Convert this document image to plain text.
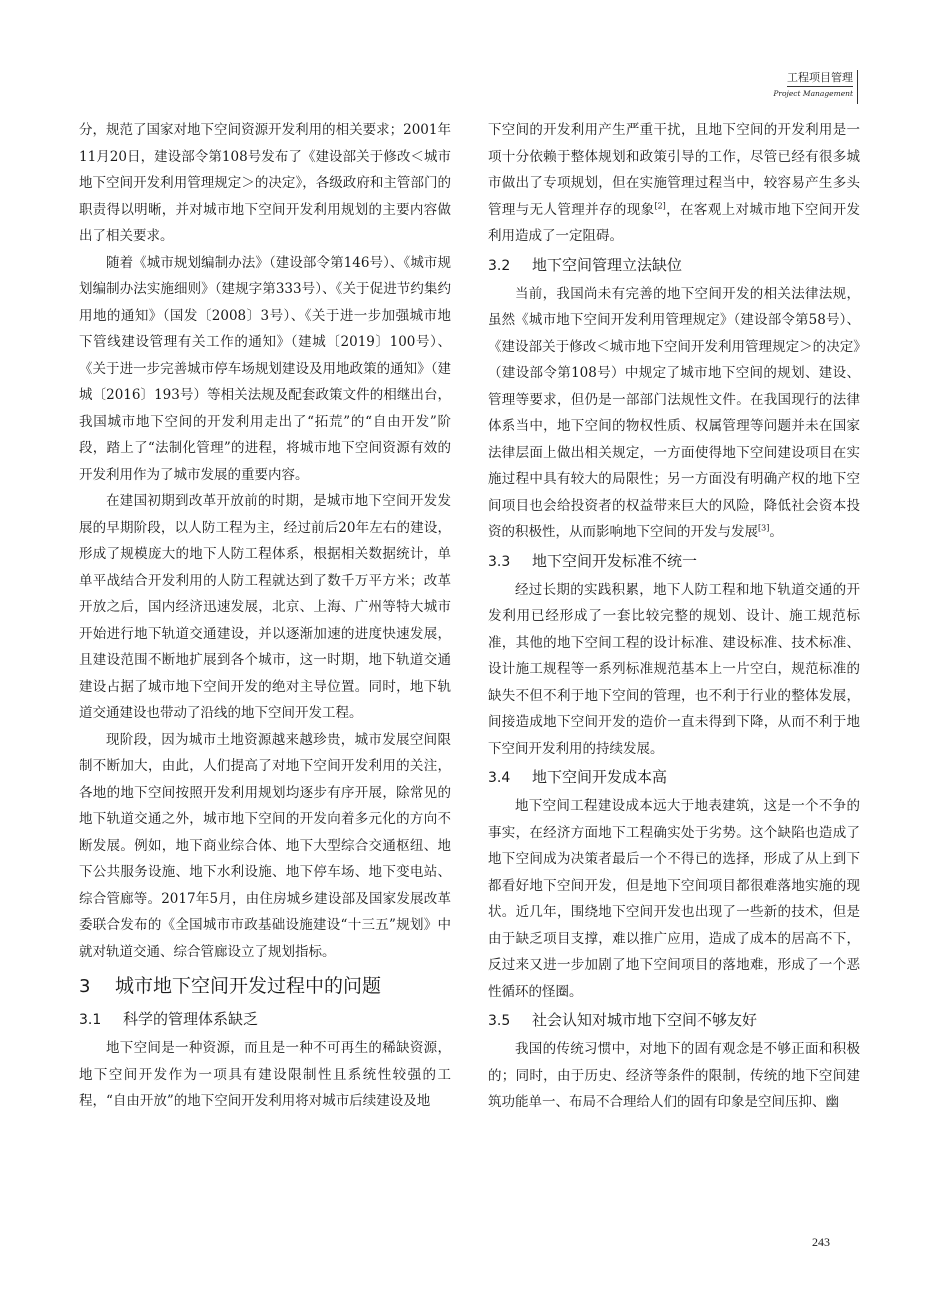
工程项目管理
Project Management

分，规范了国家对地下空间资源开发利用的相关要求；2001年11月20日，建设部令第108号发布了《建设部关于修改＜城市地下空间开发利用管理规定＞的决定》，各级政府和主管部门的职责得以明晰，并对城市地下空间开发利用规划的主要内容做出了相关要求。

随着《城市规划编制办法》（建设部令第146号）、《城市规划编制办法实施细则》（建规字第333号）、《关于促进节约集约用地的通知》（国发〔2008〕3号）、《关于进一步加强城市地下管线建设管理有关工作的通知》（建城〔2019〕100号）、《关于进一步完善城市停车场规划建设及用地政策的通知》（建城〔2016〕193号）等相关法规及配套政策文件的相继出台，我国城市地下空间的开发利用走出了“拓荒”的“自由开发”阶段，踏上了“法制化管理”的进程，将城市地下空间资源有效的开发利用作为了城市发展的重要内容。

在建国初期到改革开放前的时期，是城市地下空间开发发展的早期阶段，以人防工程为主，经过前后20年左右的建设，形成了规模庞大的地下人防工程体系，根据相关数据统计，单单平战结合开发利用的人防工程就达到了数千万平方米；改革开放之后，国内经济迅速发展，北京、上海、广州等特大城市开始进行地下轨道交通建设，并以逐渐加速的进度快速发展，且建设范围不断地扩展到各个城市，这一时期，地下轨道交通建设占据了城市地下空间开发的绝对主导位置。同时，地下轨道交通建设也带动了沿线的地下空间开发工程。

现阶段，因为城市土地资源越来越珍贵，城市发展空间限制不断加大，由此，人们提高了对地下空间开发利用的关注，各地的地下空间按照开发利用规划均逐步有序开展，除常见的地下轨道交通之外，城市地下空间的开发向着多元化的方向不断发展。例如，地下商业综合体、地下大型综合交通枢纽、地下公共服务设施、地下水利设施、地下停车场、地下变电站、综合管廊等。2017年5月，由住房城乡建设部及国家发展改革委联合发布的《全国城市市政基础设施建设“十三五”规划》中就对轨道交通、综合管廊设立了规划指标。

3 城市地下空间开发过程中的问题
3.1 科学的管理体系缺乏

地下空间是一种资源，而且是一种不可再生的稀缺资源，地下空间开发作为一项具有建设限制性且系统性较强的工程，“自由开放”的地下空间开发利用将对城市后续建设及地

下空间的开发利用产生严重干扰，且地下空间的开发利用是一项十分依赖于整体规划和政策引导的工作，尽管已经有很多城市做出了专项规划，但在实施管理过程当中，较容易产生多头管理与无人管理并存的现象[2]，在客观上对城市地下空间开发利用造成了一定阻碍。

3.2 地下空间管理立法缺位

当前，我国尚未有完善的地下空间开发的相关法律法规，虽然《城市地下空间开发利用管理规定》（建设部令第58号）、《建设部关于修改＜城市地下空间开发利用管理规定＞的决定》（建设部令第108号）中规定了城市地下空间的规划、建设、管理等要求，但仍是一部部门法规性文件。在我国现行的法律体系当中，地下空间的物权性质、权属管理等问题并未在国家法律层面上做出相关规定，一方面使得地下空间建设项目在实施过程中具有较大的局限性；另一方面没有明确产权的地下空间项目也会给投资者的权益带来巨大的风险，降低社会资本投资的积极性，从而影响地下空间的开发与发展[3]。

3.3 地下空间开发标准不统一

经过长期的实践积累，地下人防工程和地下轨道交通的开发利用已经形成了一套比较完整的规划、设计、施工规范标准，其他的地下空间工程的设计标准、建设标准、技术标准、设计施工规程等一系列标准规范基本上一片空白，规范标准的缺失不但不利于地下空间的管理，也不利于行业的整体发展，间接造成地下空间开发的造价一直未得到下降，从而不利于地下空间开发利用的持续发展。

3.4 地下空间开发成本高

地下空间工程建设成本远大于地表建筑，这是一个不争的事实，在经济方面地下工程确实处于劣势。这个缺陷也造成了地下空间成为决策者最后一个不得已的选择，形成了从上到下都看好地下空间开发，但是地下空间项目都很难落地实施的现状。近几年，围绕地下空间开发也出现了一些新的技术，但是由于缺乏项目支撑，难以推广应用，造成了成本的居高不下，反过来又进一步加剧了地下空间项目的落地难，形成了一个恶性循环的怪圈。

3.5 社会认知对城市地下空间不够友好

我国的传统习惯中，对地下的固有观念是不够正面和积极的；同时，由于历史、经济等条件的限制，传统的地下空间建筑功能单一、布局不合理给人们的固有印象是空间压抑、幽

243
